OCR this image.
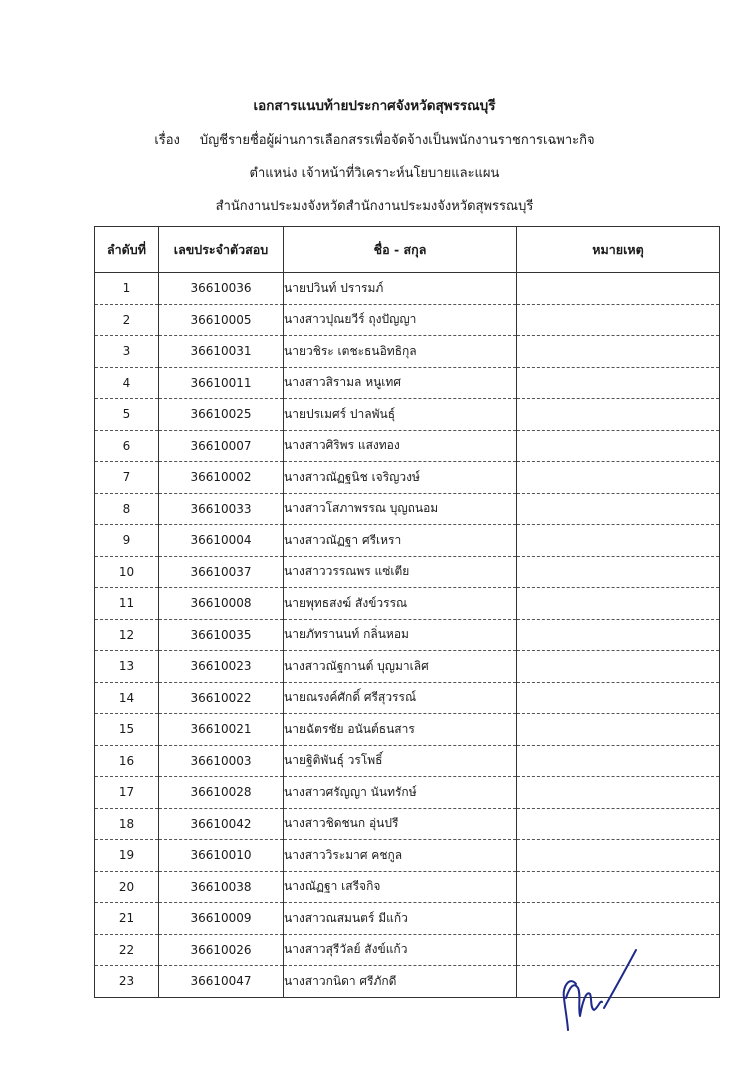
เอกสารแนบท้ายประกาศจังหวัดสุพรรณบุรี
เรื่อง บัญชีรายชื่อผู้ผ่านการเลือกสรรเพื่อจัดจ้างเป็นพนักงานราชการเฉพาะกิจ
ตำแหน่ง เจ้าหน้าที่วิเคราะห์นโยบายและแผน
สำนักงานประมงจังหวัดสำนักงานประมงจังหวัดสุพรรณบุรี
ลำดับที่	เลขประจำตัวสอบ	ชื่อ - สกุล	หมายเหตุ
1	36610036	นายปวินท์ ปรารมภ์	
2	36610005	นางสาวปุณยวีร์ ถุงปัญญา	
3	36610031	นายวชิระ เตชะธนอิทธิกุล	
4	36610011	นางสาวสิรามล หนูเทศ	
5	36610025	นายปรเมศร์ ปาลพันธุ์	
6	36610007	นางสาวศิริพร แสงทอง	
7	36610002	นางสาวณัฏฐนิช เจริญวงษ์	
8	36610033	นางสาวโสภาพรรณ บุญถนอม	
9	36610004	นางสาวณัฏฐา ศรีเหรา	
10	36610037	นางสาววรรณพร แซ่เตีย	
11	36610008	นายพุทธสงฆ์ สังข์วรรณ	
12	36610035	นายภัทรานนท์ กลิ่นหอม	
13	36610023	นางสาวณัฐกานต์ บุญมาเลิศ	
14	36610022	นายณรงค์ศักดิ์ ศรีสุวรรณ์	
15	36610021	นายฉัตรชัย อนันต์ธนสาร	
16	36610003	นายฐิติพันธุ์ วรโพธิ์	
17	36610028	นางสาวศรัญญา นันทรักษ์	
18	36610042	นางสาวชิดชนก อุ่นปรี	
19	36610010	นางสาววิระมาศ คชกูล	
20	36610038	นางณัฏฐา เสรีจกิจ	
21	36610009	นางสาวณสมนตร์ มีแก้ว	
22	36610026	นางสาวสุรีวัลย์ สังข์แก้ว	
23	36610047	นางสาวกนิดา ศรีภักดี	
